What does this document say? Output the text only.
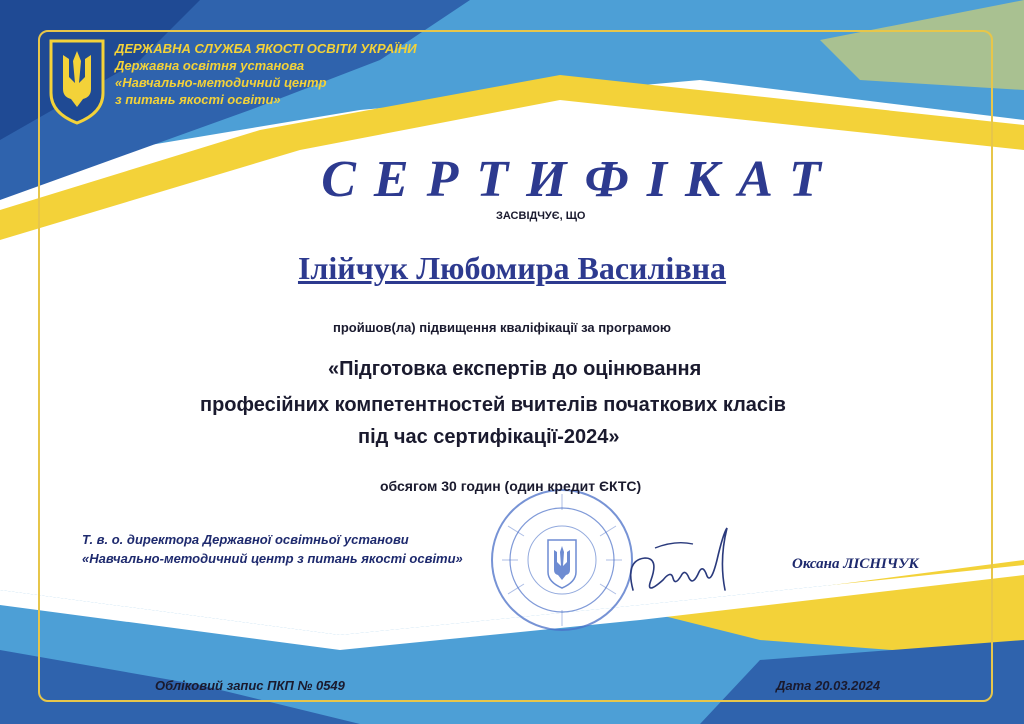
ДЕРЖАВНА СЛУЖБА ЯКОСТІ ОСВІТИ УКРАЇНИ
Державна освітня установа
«Навчально-методичний центр
з питань якості освіти»
СЕРТИФІКАТ
ЗАСВІДЧУЄ, ЩО
Ілійчук Любомира Василівна
пройшов(ла) підвищення кваліфікації за програмою
«Підготовка експертів до оцінювання
професійних компетентностей вчителів початкових класів
під час сертифікації-2024»
обсягом 30 годин (один кредит ЄКТС)
Т. в. о. директора Державної освітньої установи
«Навчально-методичний центр з питань якості освіти»	Оксана ЛІСНІЧУК
Обліковий запис ПКП № 0549	Дата 20.03.2024
